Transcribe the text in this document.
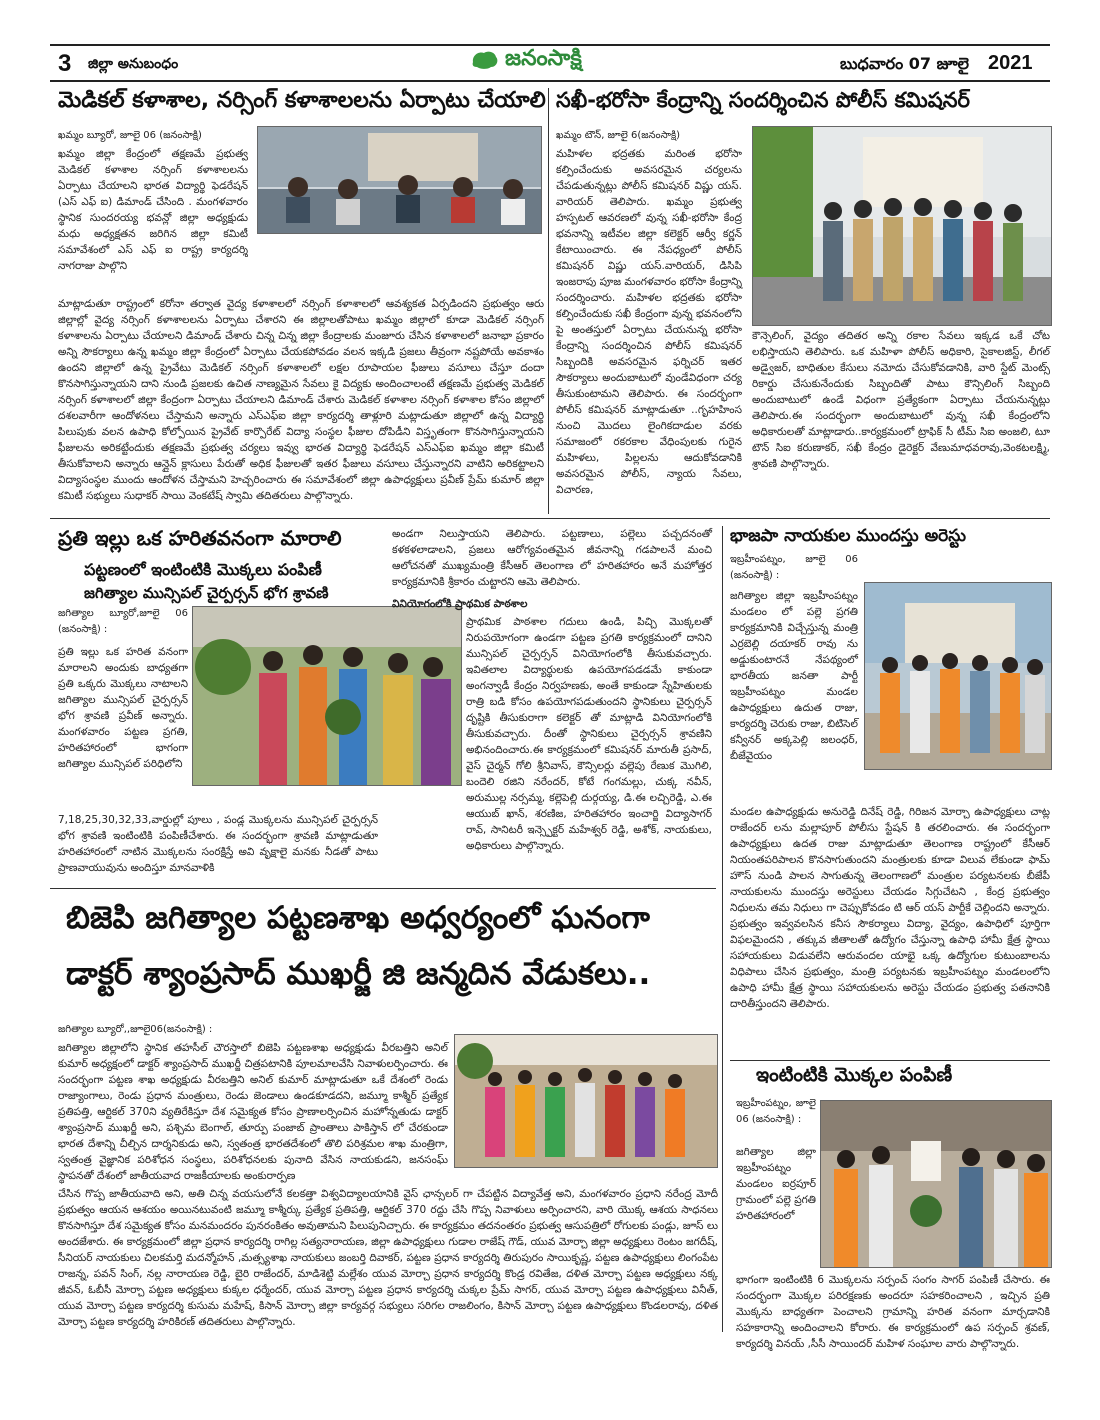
3 జిల్లా అనుబంధం	జనంసాక్షి	బుధవారం 07 జూలై 2021
మెడికల్ కళాశాల, నర్సింగ్ కళాశాలలను ఏర్పాటు చేయాలి
ఖమ్మం బ్యూరో, జూలై 06 (జనంసాక్షి)
ఖమ్మం జిల్లా కేంద్రంలో తక్షణమే ప్రభుత్వ మెడికల్ కళాశాల నర్సింగ్ కళాశాలలను ఏర్పాటు చేయాలని భారత విద్యార్థి ఫెడరేషన్ (ఎస్ ఎఫ్ ఐ) డిమాండ్ చేసింది . మంగళవారం స్థానిక సుందరయ్య భవన్లో జిల్లా అధ్యక్షుడు మధు అధ్యక్షతన జరిగిన జిల్లా కమిటీ సమావేశంలో ఎస్ ఎఫ్ ఐ రాష్ట్ర కార్యదర్శి నాగరాజు పాల్గొని
మాట్లాడుతూ రాష్ట్రంలో కరోనా తర్వాత వైద్య కళాశాలలో నర్సింగ్ కళాశాలలో ఆవశ్యకత ఏర్పడిందని ప్రభుత్వం ఆరు జిల్లాల్లో వైద్య నర్సింగ్ కళాశాలలను ఏర్పాటు చేశారని ఈ జిల్లాలతోపాటు ఖమ్మం జిల్లాలో కూడా మెడికల్ నర్సింగ్ కళాశాలను ఏర్పాటు చేయాలని డిమాండ్ చేశారు చిన్న చిన్న జిల్లా కేంద్రాలకు మంజూరు చేసిన కళాశాలలో జనాభా ప్రకారం అన్ని సౌకర్యాలు ఉన్న ఖమ్మం జిల్లా కేంద్రంలో ఏర్పాటు చేయకపోవడం వలన ఇక్కడి ప్రజలు తీవ్రంగా నష్టపోయే అవకాశం ఉందని జిల్లాలో ఉన్న ప్రైవేటు మెడికల్ నర్సింగ్ కళాశాలలో లక్షల రూపాయల ఫీజులు వసూలు చేస్తూ దందా కొనసాగిస్తున్నాయని దాని నుండి ప్రజలకు ఉచిత నాణ్యమైన సేవలు కై విద్యకు అందించాలంటే తక్షణమే ప్రభుత్వ మెడికల్ నర్సింగ్ కళాశాలలో జిల్లా కేంద్రంగా ఏర్పాటు చేయాలని డిమాండ్ చేశారు మెడికల్ కళాశాల నర్సింగ్ కళాశాల కోసం జిల్లాలో దశలవారీగా ఆందోళనలు చేస్తామని అన్నారు ఎస్ఎఫ్ఐ జిల్లా కార్యదర్శి తాళ్లూరి మట్లాడుతూ జిల్లాలో ఉన్న విద్యార్థి పిలుపుకు వలన ఉపాధి కోల్పోయిన ప్రైవేట్ కార్పొరేట్ విద్యా సంస్థల ఫీజుల దోపిడీని విస్తృతంగా కొనసాగిస్తున్నాయని ఫీజులను అరికట్టేందుకు తక్షణమే ప్రభుత్వ చర్యలు ఇవ్వు భారత విద్యార్థి ఫెడరేషన్ ఎస్ఎఫ్ఐ ఖమ్మం జిల్లా కమిటీ తీసుకోవాలని అన్నారు ఆన్లైన్ క్లాసులు పేరుతో అధిక ఫీజులతో ఇతర ఫీజులు వసూలు చేస్తున్నారని వాటిని అరికట్టాలని విద్యాసంస్థల ముందు ఆందోళన చేస్తామని హెచ్చరించారు ఈ సమావేశంలో జిల్లా ఉపాధ్యక్షులు ప్రవీణ్ ప్రేమ్ కుమార్ జిల్లా కమిటీ సభ్యులు సుధాకర్ సాయి వెంకటేష్ స్వామి తదితరులు పాల్గొన్నారు.
సఖీ-భరోసా కేంద్రాన్ని సందర్శించిన పోలీస్ కమిషనర్
ఖమ్మం టౌన్, జూలై 6(జనంసాక్షి)
మహిళల భద్రతకు మరింత భరోసా కల్పించేందుకు అవసరమైన చర్యలను చేపడుతున్నట్లు పోలీస్ కమిషనర్ విష్ణు యస్. వారియర్ తెలిపారు. ఖమ్మం ప్రభుత్వ హస్పటల్ ఆవరణలో వున్న సఖీ-భరోసా కేంద్ర భవనాన్ని ఇటీవల జిల్లా కలెక్టర్ ఆర్వీ కర్ణన్ కేటాయించారు. ఈ నేపధ్యంలో పోలీస్ కమిషనర్ విష్ణు యస్.వారియర్, డిసిపి ఇంజరాపు పూజ మంగళవారం భరోసా కేంద్రాన్ని సందర్శించారు. మహిళల భద్రతకు భరోసా కల్పించేందుకు సఖీ కేంద్రంగా వున్న భవనంలోని పై అంతస్తులో ఏర్పాటు చేయనున్న భరోసా కేంద్రాన్ని సందర్శించిన పోలీస్ కమిషనర్ సిబ్బందికి అవసరమైన ఫర్నిచర్ ఇతర సౌకర్యాలు అందుబాటులో వుండేవిధంగా చర్య తీసుకుంటామని తెలిపారు. ఈ సందర్భంగా పోలీస్ కమిషనర్ మాట్లాడుతూ ..గృహహింస నుంచి మొదలు లైంగికదాడుల వరకు సమాజంలో రకరకాల వేధింపులకు గురైన మహిళలు, పిల్లలను ఆదుకోవడానికి అవసరమైన పోలీస్, న్యాయ సేవలు, విచారణ,
కౌన్సెలింగ్, వైద్యం తదితర అన్ని రకాల సేవలు ఇక్కడ ఒకే చోట లభిస్తాయని తెలిపారు. ఒక మహిళా పోలీస్ అధికారి, సైకాలజిస్ట్, లీగల్ అడ్వైజర్, బాధితుల కేసులు నమోదు చేసుకోవడానికి, వారి స్టేట్ మెంట్స్ రికార్డు చేసుకునేందుకు సిబ్బందితో పాటు కౌన్సిలింగ్ సిబ్బంది అందుబాటులో ఉండే విధంగా ప్రత్యేకంగా ఏర్పాటు చేయనున్నట్లు తెలిపారు.ఈ సందర్భంగా అందుబాటులో వున్న సఖీ కేంద్రంలోని అధికారులతో మాట్లాడారు..కార్యక్రమంలో ట్రాఫిక్ సీ టీమ్ సిఐ అంజలి, టూ టౌన్ సిఐ కరుణాకర్, సఖీ కేంద్రం డైరెక్టర్ వేణుమాధవరావు,వెంకటలక్ష్మి, శ్రావణి పాల్గొన్నారు.
ప్రతి ఇల్లు ఒక హరితవనంగా మారాలి
పట్టణంలో ఇంటింటికి మొక్కలు పంపిణీ
జగిత్యాల మున్సిపల్ చైర్పర్సన్ భోగ శ్రావణి
జగిత్యాల బ్యూరో,జూలై 06 (జనంసాక్షి) :
ప్రతి ఇల్లు ఒక హరిత వనంగా మారాలని అందుకు బాధ్యతగా ప్రతి ఒక్కరు మొక్కలు నాటాలని జగిత్యాల మున్సిపల్ చైర్పర్సన్ భోగ శ్రావణి ప్రవీణ్ అన్నారు. మంగళవారం పట్టణ ప్రగతి, హరితహారంలో భాగంగా జగిత్యాల మున్సిపల్ పరిధిలోని
7,18,25,30,32,33,వార్డుల్లో పూలు , పండ్ల మొక్కలను మున్సిపల్ చైర్పర్సన్ భోగ శ్రావణి ఇంటింటికి పంపిణీచేశారు. ఈ సందర్భంగా శ్రావణి మాట్లాడుతూ హరితహారంలో నాటిన మొక్కలను సంరక్షిస్తే అవి వృక్షాలై మనకు నీడతో పాటు ప్రాణవాయువును అందిస్తూ మానవాళికి
అండగా నిలుస్తాయని తెలిపారు. పట్టణాలు, పల్లెలు పచ్చదనంతో కళకళలాడాలని, ప్రజలు ఆరోగ్యవంతమైన జీవనాన్ని గడపాలనే మంచి ఆలోచనతో ముఖ్యమంత్రి కేసీఆర్ తెలంగాణ లో హరితహారం అనే మహోత్తర కార్యక్రమానికి శ్రీకారం చుట్టారని ఆమె తెలిపారు.
వినియోగంలోకి ప్రాథమిక పాఠశాల
ప్రాథమిక పాఠశాల గదులు ఉండి, పిచ్చి మొక్కలతో నిరుపయోగంగా ఉండగా పట్టణ ప్రగతి కార్యక్రమంలో దానిని మున్సిపల్ చైర్పర్సన్ వినియోగంలోకి తీసుకువచ్చారు. ఇవితలాల విద్యార్థులకు ఉపయోగపడడమే కాకుండా అంగన్వాడీ కేంద్రం నిర్వహణకు, అంతే కాకుండా స్నేహితులకు రాత్రి బడి కోసం ఉపయోగపడుతుందని స్థానికులు చైర్పర్సన్ దృష్టికి తీసుకురాగా కలెక్టర్ తో మాట్లాడి వినియోగంలోకి తీసుకువచ్చారు. దీంతో స్థానికులు చైర్పర్సన్ శ్రావణిని అభినందించారు.ఈ కార్యక్రమంలో కమిషనర్ మారుతీ ప్రసాద్, వైస్ చైర్మన్ గోలి శ్రీనివాస్, కౌన్సిలర్లు వల్లెపు రేణుక మొగిలి, బందెలి రజిని నరేందర్, కోటే గంగమల్లు, చుక్క నవీన్, అరుముల్ల నర్సమ్మ, కల్లెపెల్లి దుర్గయ్య, డి.ఈ లచ్చిరెడ్డి, ఎ.ఈ ఆయుబ్ ఖాన్, శరణిజ, హరితహారం ఇంచార్జి విద్యాసాగర్ రావ్, సానిటరీ ఇన్స్పెక్టర్ మహేశ్వర్ రెడ్డి, అశోక్, నాయకులు, అధికారులు పాల్గొన్నారు.
భాజపా నాయకుల ముందస్తు అరెస్టు
ఇబ్రహీంపట్నం, జూలై 06 (జనంసాక్షి) :
జగిత్యాల జిల్లా ఇబ్రహీంపట్నం మండలం లో పల్లె ప్రగతి కార్యక్రమానికి విచ్చేస్తున్న మంత్రి ఎర్రబెల్లి దయాకర్ రావు ను అడ్డుకుంటారనే నేపథ్యంలో భారతీయ జనతా పార్టీ ఇబ్రహీంపట్నం మండల ఉపాధ్యక్షులు ఉదుత రాజు, కార్యదర్శి చెరుకు రాజు, బిటిసెల్ కన్వీనర్ అక్కపెల్లి జలంధర్, బీజేవైయం
మండల ఉపాధ్యక్షుడు అనురెడ్డి దినేష్ రెడ్డి, గిరిజన మోర్చా ఉపాధ్యక్షులు చాట్ల రాజేందర్ లను మల్లాపూర్ పోలీసు స్టేషన్ కి తరలించారు. ఈ సందర్భంగా ఉపాధ్యక్షులు ఉదత రాజు మాట్లాడుతూ తెలంగాణ రాష్ట్రంలో కేసీఆర్ నియంతపరిపాలన కొనసాగుతుందని మంత్రులకు కూడా విలువ లేకుండా ఫామ్ హౌస్ నుండి పాలన సాగుతున్న తెలంగాణలో మంత్రుల పర్యటనలకు బీజేపీ నాయకులను ముందస్తు అరెస్టులు చేయడం సిగ్గుచేటని , కేంద్ర ప్రభుత్వం నిధులను తమ నిధులు గా చెప్పుకోవడం టి ఆర్ యస్ పార్టీకే చెల్లిందని అన్నారు. ప్రభుత్వం ఇవ్వవలసిన కనీస సౌకర్యాలు విద్యా, వైద్యం, ఉపాధిలో పూర్తిగా విఫలమైందని , తక్కువ జీతాలతో ఉద్యోగం చేస్తున్నా ఉపాధి హామీ క్షేత్ర స్థాయి సహాయకులు విడువలేని ఆరువందల యాభై ఒక్క ఉద్యోగుల కుటుంబాలను విధిపాలు చేసిన ప్రభుత్వం, మంత్రి పర్యటనకు ఇబ్రహీంపట్నం మండలంలోని ఉపాధి హామీ క్షేత్ర స్థాయి సహాయకులను అరెస్టు చేయడం ప్రభుత్వ పతనానికి దారితీస్తుందని తెలిపారు.
బిజెపి జగిత్యాల పట్టణశాఖ అధ్వర్యంలో ఘనంగా
డాక్టర్ శ్యాంప్రసాద్ ముఖర్జీ జి జన్మదిన వేడుకలు..
జగిత్యాల బ్యూరో,,జూలై06(జనంసాక్షి) :
జగిత్యాల జిల్లాలోని స్థానిక తహసీల్ చౌరస్తాలో బిజెపి పట్టణశాఖ అధ్యక్షుడు వీరబత్తిని అనిల్ కుమార్ అధ్యక్షంలో డాక్టర్ శ్యాంప్రసాద్ ముఖర్జీ చిత్రపటానికి పూలమాలవేసి నివాళులర్పించారు. ఈ సందర్భంగా పట్టణ శాఖ అధ్యక్షుడు వీరబత్తిని అనిల్ కుమార్ మాట్లాడుతూ ఒకే దేశంలో రెండు రాజ్యాంగాలు, రెండు ప్రధాన మంత్రులు, రెండు జెండాలు ఉండకూడదని, జమ్మూ కాశ్మీర్ ప్రత్యేక ప్రతిపత్తి, ఆర్టికల్ 370ని వ్యతిరేకిస్తూ దేశ సమైక్యత కోసం ప్రాణాలర్పించిన మహోన్నతుడు డాక్టర్ శ్యాంప్రసాద్ ముఖర్జీ అని, పశ్చిమ బెంగాల్, తూర్పు పంజాబ్ ప్రాంతాలు పాకిస్తాన్ లో చేరకుండా భారత దేశాన్ని చీల్చిన దార్శనికుడు అని, స్వతంత్ర భారతదేశంలో తొలి పరిశ్రమల శాఖ మంత్రిగా, స్వతంత్ర వైజ్ఞానిక పరిశోధన సంస్థలు, పరిశోధనలకు పునాది వేసిన నాయకుడని, జనసంఘ్ స్థాపనతో దేశంలో జాతీయవాద రాజకీయాలకు అంకురార్పణ
చేసిన గొప్ప జాతీయవాది అని, అతి చిన్న వయసులోనే కలకత్తా విశ్వవిద్యాలయానికి వైస్ ఛాన్సలర్ గా చేపట్టిన విద్యావేత్త అని, మంగళవారం ప్రధాని నరేంద్ర మోదీ ప్రభుత్వం ఆయన ఆశయం అయినటువంటి జమ్మూ కాశ్మీర్కు ప్రత్యేక ప్రతిపత్తి, ఆర్టికల్ 370 రద్దు చేసి గొప్ప నివాళులు అర్పించారని, వారి యొక్క ఆశయ సాధనలు కొనసాగిస్తూ దేశ సమైక్యత కోసం మనమందరం పునరంకితం అవుతామని పిలుపునిచ్చారు. ఈ కార్యక్రమం తదనంతరం ప్రభుత్వ ఆసుపత్రిలో రోగులకు పండ్లు, జూస్ లు అందజేశారు. ఈ కార్యక్రమంలో జిల్లా ప్రధాన కార్యదర్శి రాగిల్ల సత్యనారాయణ, జిల్లా ఉపాధ్యక్షులు గుడాల రాజేష్ గౌడ్, యువ మోర్చా జిల్లా అధ్యక్షులు రెంటం జగదీష్, సీనియర్ నాయకులు చిలకమర్తి మదన్మోహన్ ,మత్స్యశాఖ నాయకులు జంబర్తి దివాకర్, పట్టణ ప్రధాన కార్యదర్శి తిరుపురం సాయికృష్ణ, పట్టణ ఉపాధ్యక్షులు లింగంపేట రాజన్న, పవన్ సింగ్, నల్ల నారాయణ రెడ్డి, బైరి రాజేందర్, మాడిశెట్టి మల్లేశం యువ మోర్చా ప్రధాన కార్యదర్శి కొండ్ర రవితేజ, దళిత మోర్చా పట్టణ అధ్యక్షులు నక్క జీవన్, ఓబీసీ మోర్చా పట్టణ అధ్యక్షులు కుక్కల ధర్మేందర్, యువ మోర్చా పట్టణ ప్రధాన కార్యదర్శి చుక్కల ప్రేమ్ సాగర్, యువ మోర్చా పట్టణ ఉపాధ్యక్షులు వినీత్, యువ మోర్చా పట్టణ కార్యదర్శి కుసుమ మహేష్, కిసాన్ మోర్చా జిల్లా కార్యవర్గ సభ్యులు సరిగల రాజలింగం, కిసాన్ మోర్చా పట్టణ ఉపాధ్యక్షులు కొండలరావు, దళిత మోర్చా పట్టణ కార్యదర్శి హరికిరణ్ తదితరులు పాల్గొన్నారు.
ఇంటింటికి మొక్కల పంపిణీ
ఇబ్రహీంపట్నం, జూలై 06 (జనంసాక్షి) :
జగిత్యాల జిల్లా ఇబ్రహీంపట్నం మండలం ఐర్రపూర్ గ్రామంలో పల్లె ప్రగతి హరితహారంలో
భాగంగా ఇంటింటికి 6 మొక్కలను సర్పంచ్ సంగం సాగర్ పంపిణీ చేసారు. ఈ సందర్భంగా మొక్కల పరిరక్షణకు అందరూ సహకరించాలని , ఇచ్చిన ప్రతి మొక్కను బాధ్యతగా పెంచాలని గ్రామాన్ని హరిత వనంగా మార్చడానికి సహకారాన్ని అందించాలని కోరారు. ఈ కార్యక్రమంలో ఉప సర్పంచ్ శ్రవణ్, కార్యదర్శి వినయ్ ,సీసీ సాయిందర్ మహిళ సంఘాల వారు పాల్గొన్నారు.
